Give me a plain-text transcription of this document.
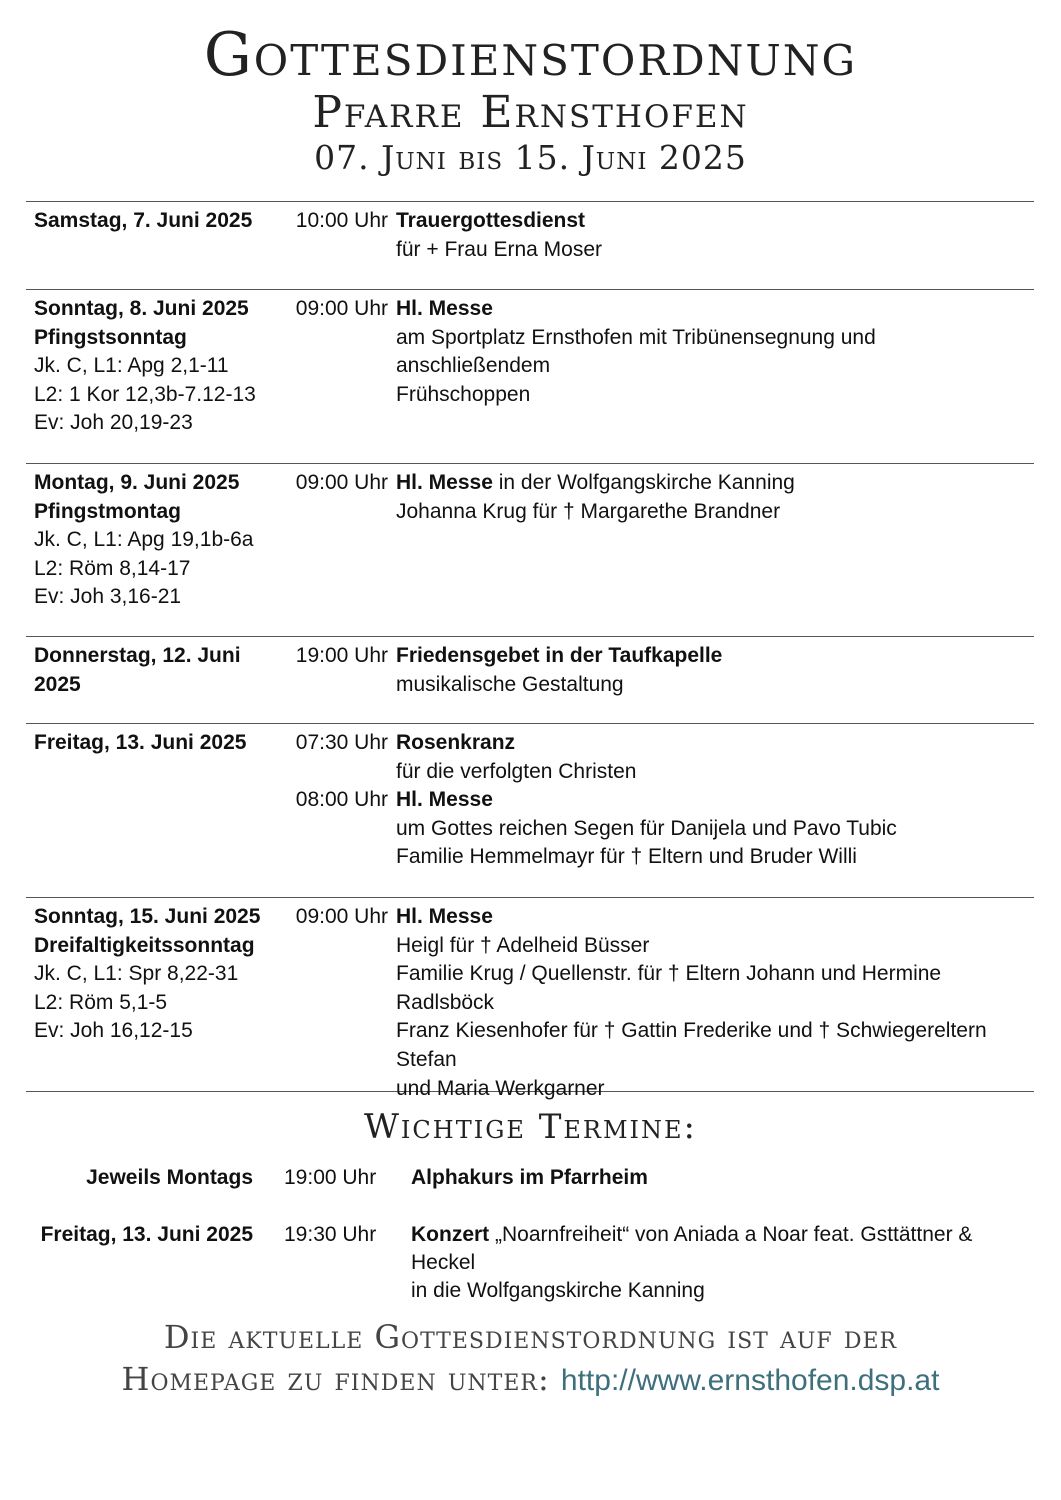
Gottesdienstordnung
Pfarre Ernsthofen
07. Juni bis 15. Juni 2025
Samstag, 7. Juni 2025	10:00 Uhr Trauergottesdienst
für + Frau Erna Moser
Sonntag, 8. Juni 2025
Pfingstsonntag
Jk. C, L1: Apg 2,1-11
L2: 1 Kor 12,3b-7.12-13
Ev: Joh 20,19-23
09:00 Uhr Hl. Messe
am Sportplatz Ernsthofen mit Tribünensegnung und anschließendem
Frühschoppen
Montag, 9. Juni 2025
Pfingstmontag
Jk. C, L1: Apg 19,1b-6a
L2: Röm 8,14-17
Ev: Joh 3,16-21
09:00 Uhr Hl. Messe in der Wolfgangskirche Kanning
Johanna Krug für † Margarethe Brandner
Donnerstag, 12. Juni
2025
19:00 Uhr Friedensgebet in der Taufkapelle
musikalische Gestaltung
Freitag, 13. Juni 2025	07:30 Uhr Rosenkranz
für die verfolgten Christen
08:00 Uhr Hl. Messe
um Gottes reichen Segen für Danijela und Pavo Tubic
Familie Hemmelmayr für † Eltern und Bruder Willi
Sonntag, 15. Juni 2025
Dreifaltigkeitssonntag
Jk. C, L1: Spr 8,22-31
L2: Röm 5,1-5
Ev: Joh 16,12-15
09:00 Uhr Hl. Messe
Heigl für † Adelheid Büsser
Familie Krug / Quellenstr. für † Eltern Johann und Hermine Radlsböck
Franz Kiesenhofer für † Gattin Frederike und † Schwiegereltern Stefan
und Maria Werkgarner
Wichtige Termine:
Jeweils Montags 19:00 Uhr Alphakurs im Pfarrheim
Freitag, 13. Juni 2025 19:30 Uhr Konzert „Noarnfreiheit“ von Aniada a Noar feat. Gsttättner & Heckel
in die Wolfgangskirche Kanning
Die aktuelle Gottesdienstordnung ist auf der
Homepage zu finden unter: http://www.ernsthofen.dsp.at
